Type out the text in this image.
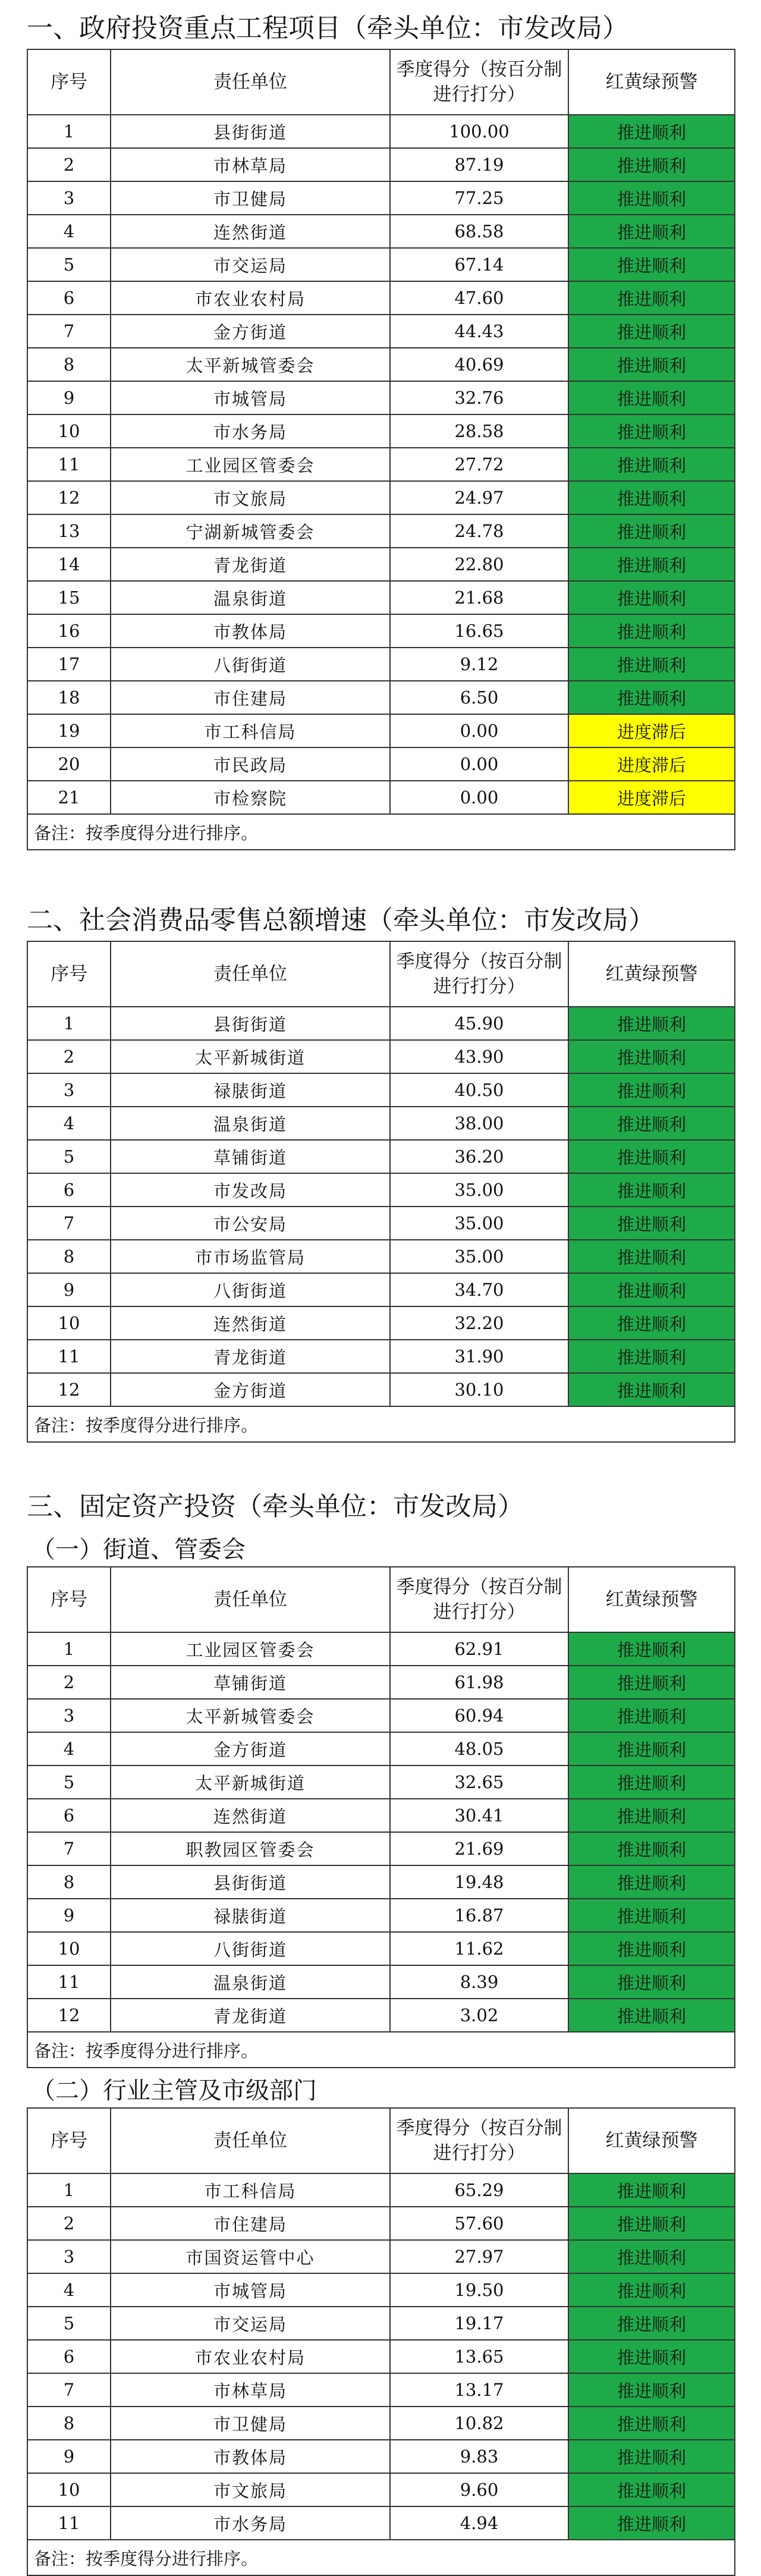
一、政府投资重点工程项目（牵头单位：市发改局）
序号	责任单位	季度得分（按百分制进行打分）	红黄绿预警
1	县街街道	100.00	推进顺利
2	市林草局	87.19	推进顺利
3	市卫健局	77.25	推进顺利
4	连然街道	68.58	推进顺利
5	市交运局	67.14	推进顺利
6	市农业农村局	47.60	推进顺利
7	金方街道	44.43	推进顺利
8	太平新城管委会	40.69	推进顺利
9	市城管局	32.76	推进顺利
10	市水务局	28.58	推进顺利
11	工业园区管委会	27.72	推进顺利
12	市文旅局	24.97	推进顺利
13	宁湖新城管委会	24.78	推进顺利
14	青龙街道	22.80	推进顺利
15	温泉街道	21.68	推进顺利
16	市教体局	16.65	推进顺利
17	八街街道	9.12	推进顺利
18	市住建局	6.50	推进顺利
19	市工科信局	0.00	进度滞后
20	市民政局	0.00	进度滞后
21	市检察院	0.00	进度滞后
备注：按季度得分进行排序。			
二、社会消费品零售总额增速（牵头单位：市发改局）
序号	责任单位	季度得分（按百分制进行打分）	红黄绿预警
1	县街街道	45.90	推进顺利
2	太平新城街道	43.90	推进顺利
3	禄脿街道	40.50	推进顺利
4	温泉街道	38.00	推进顺利
5	草铺街道	36.20	推进顺利
6	市发改局	35.00	推进顺利
7	市公安局	35.00	推进顺利
8	市市场监管局	35.00	推进顺利
9	八街街道	34.70	推进顺利
10	连然街道	32.20	推进顺利
11	青龙街道	31.90	推进顺利
12	金方街道	30.10	推进顺利
备注：按季度得分进行排序。			
三、固定资产投资（牵头单位：市发改局）
（一）街道、管委会
序号	责任单位	季度得分（按百分制进行打分）	红黄绿预警
1	工业园区管委会	62.91	推进顺利
2	草铺街道	61.98	推进顺利
3	太平新城管委会	60.94	推进顺利
4	金方街道	48.05	推进顺利
5	太平新城街道	32.65	推进顺利
6	连然街道	30.41	推进顺利
7	职教园区管委会	21.69	推进顺利
8	县街街道	19.48	推进顺利
9	禄脿街道	16.87	推进顺利
10	八街街道	11.62	推进顺利
11	温泉街道	8.39	推进顺利
12	青龙街道	3.02	推进顺利
备注：按季度得分进行排序。			
（二）行业主管及市级部门
序号	责任单位	季度得分（按百分制进行打分）	红黄绿预警
1	市工科信局	65.29	推进顺利
2	市住建局	57.60	推进顺利
3	市国资运管中心	27.97	推进顺利
4	市城管局	19.50	推进顺利
5	市交运局	19.17	推进顺利
6	市农业农村局	13.65	推进顺利
7	市林草局	13.17	推进顺利
8	市卫健局	10.82	推进顺利
9	市教体局	9.83	推进顺利
10	市文旅局	9.60	推进顺利
11	市水务局	4.94	推进顺利
备注：按季度得分进行排序。			
